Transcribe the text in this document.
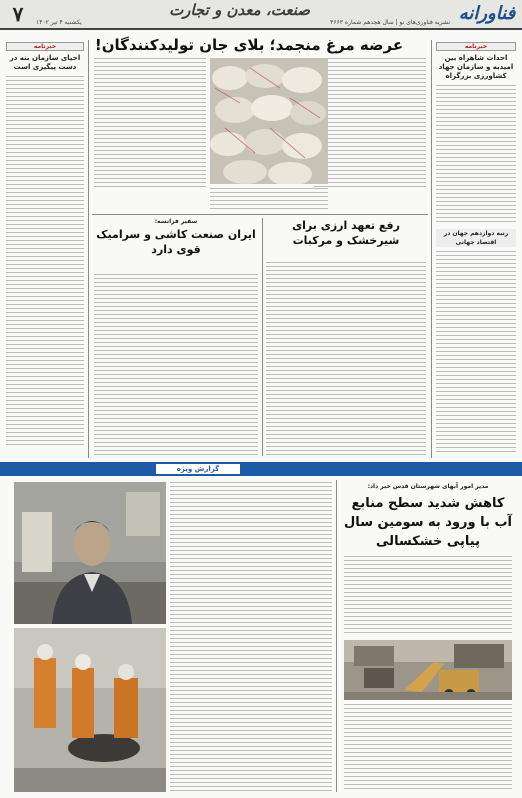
فناورانه
صنعت، معدن و تجارت
نشریه فناوری‌های نو | سال هجدهم شماره ۴۶۶۳
۷	یکشنبه ۴ تیر ۱۴۰۲
خبرنامه
احداث شاهراه بین امیدیه و سازمان جهاد کشاورزی بزرگراه
رتبه دوازدهم جهان در اقتصاد جهانی
خبرنامه
احیای سازمان بنه در دست پیگیری است
عرضه مرغ منجمد؛ بلای جان تولیدکنندگان!
رفع تعهد ارزی برای شیرخشک و مرکبات
سفیر فرانسه:
ایران صنعت کاشی و سرامیک قوی دارد
گزارش ویژه
مدیر امور آبهای شهرستان قدس خبر داد:
کاهش شدید سطح منابع آب با ورود به سومین سال پیاپی خشکسالی
